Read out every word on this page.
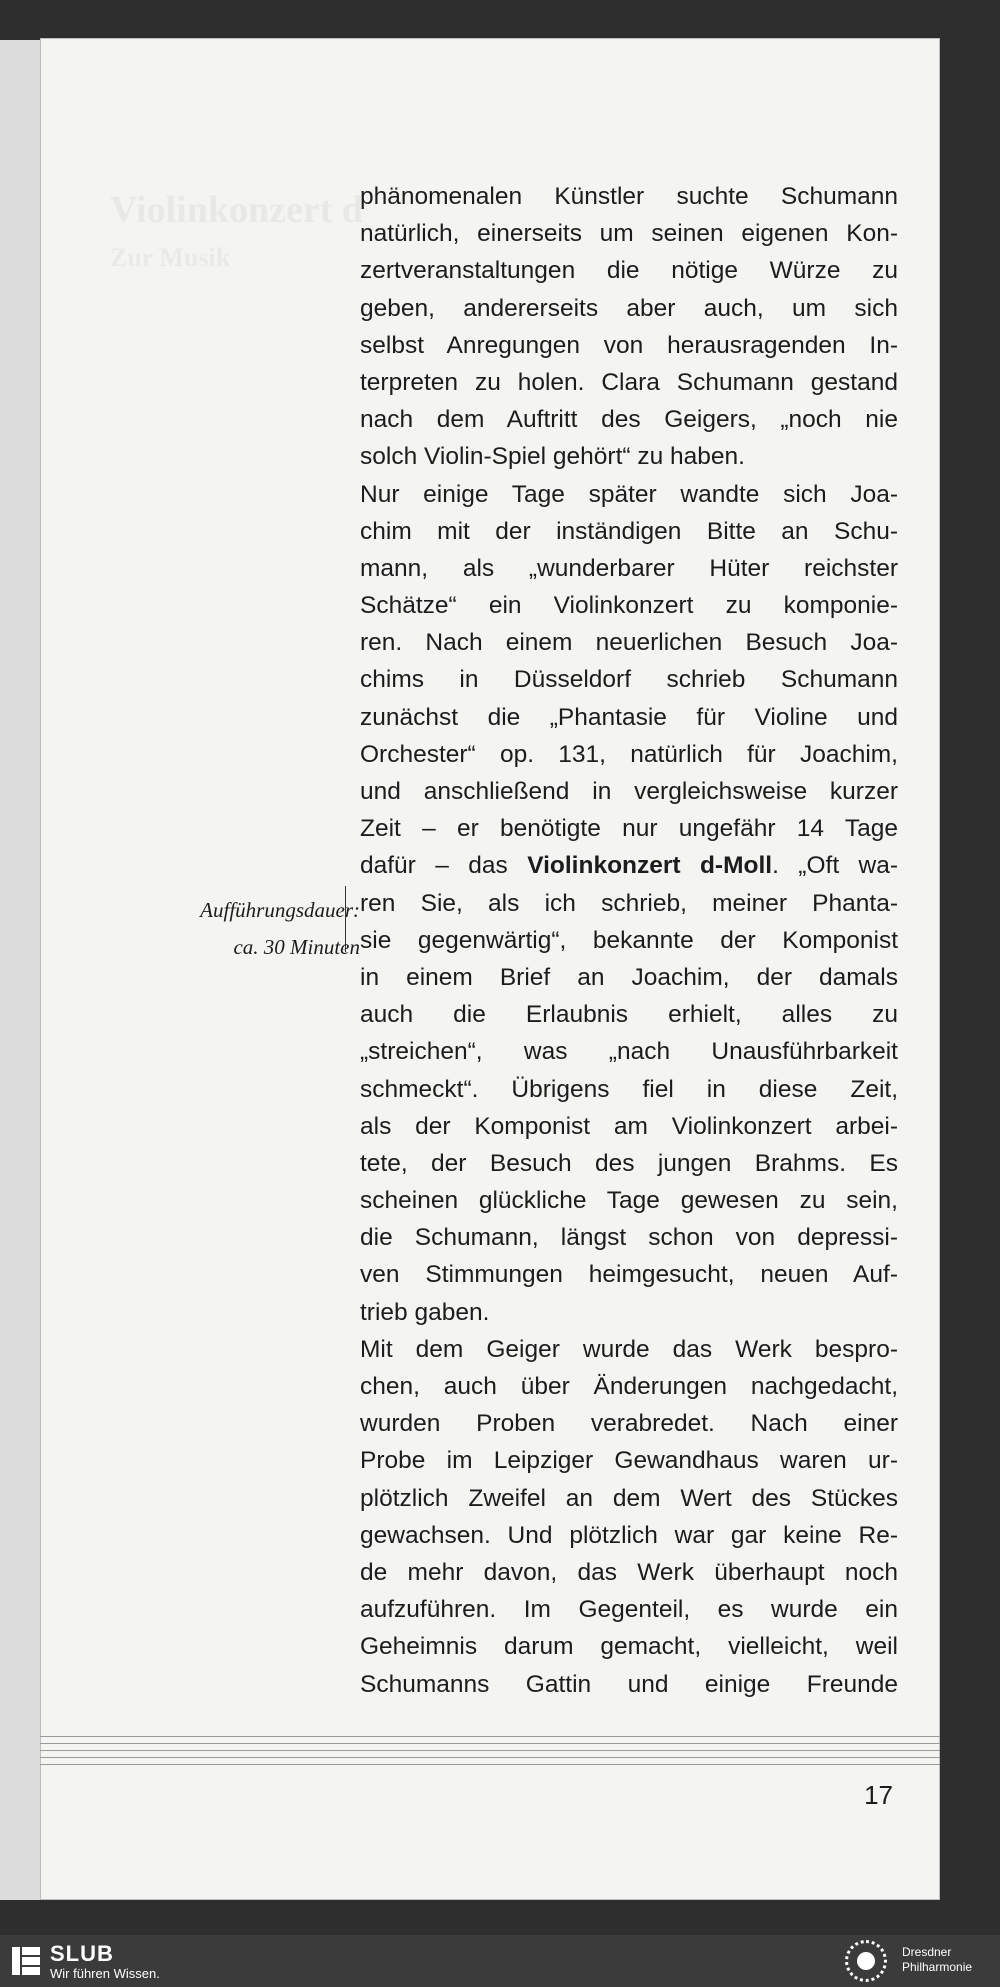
Violinkonzert d
Zur Musik
Aufführungsdauer:
ca. 30 Minuten
phänomenalen Künstler suchte Schumann
natürlich, einerseits um seinen eigenen Kon-
zertveranstaltungen die nötige Würze zu
geben, andererseits aber auch, um sich
selbst Anregungen von herausragenden In-
terpreten zu holen. Clara Schumann gestand
nach dem Auftritt des Geigers, „noch nie
solch Violin-Spiel gehört“ zu haben.
Nur einige Tage später wandte sich Joa-
chim mit der inständigen Bitte an Schu-
mann, als „wunderbarer Hüter reichster
Schätze“ ein Violinkonzert zu komponie-
ren. Nach einem neuerlichen Besuch Joa-
chims in Düsseldorf schrieb Schumann
zunächst die „Phantasie für Violine und
Orchester“ op. 131, natürlich für Joachim,
und anschließend in vergleichsweise kurzer
Zeit – er benötigte nur ungefähr 14 Tage
dafür – das Violinkonzert d-Moll. „Oft wa-
ren Sie, als ich schrieb, meiner Phanta-
sie gegenwärtig“, bekannte der Komponist
in einem Brief an Joachim, der damals
auch die Erlaubnis erhielt, alles zu
„streichen“, was „nach Unausführbarkeit
schmeckt“. Übrigens fiel in diese Zeit,
als der Komponist am Violinkonzert arbei-
tete, der Besuch des jungen Brahms. Es
scheinen glückliche Tage gewesen zu sein,
die Schumann, längst schon von depressi-
ven Stimmungen heimgesucht, neuen Auf-
trieb gaben.
Mit dem Geiger wurde das Werk bespro-
chen, auch über Änderungen nachgedacht,
wurden Proben verabredet. Nach einer
Probe im Leipziger Gewandhaus waren ur-
plötzlich Zweifel an dem Wert des Stückes
gewachsen. Und plötzlich war gar keine Re-
de mehr davon, das Werk überhaupt noch
aufzuführen. Im Gegenteil, es wurde ein
Geheimnis darum gemacht, vielleicht, weil
Schumanns Gattin und einige Freunde
17
SLUB
Wir führen Wissen.
Dresdner
Philharmonie
